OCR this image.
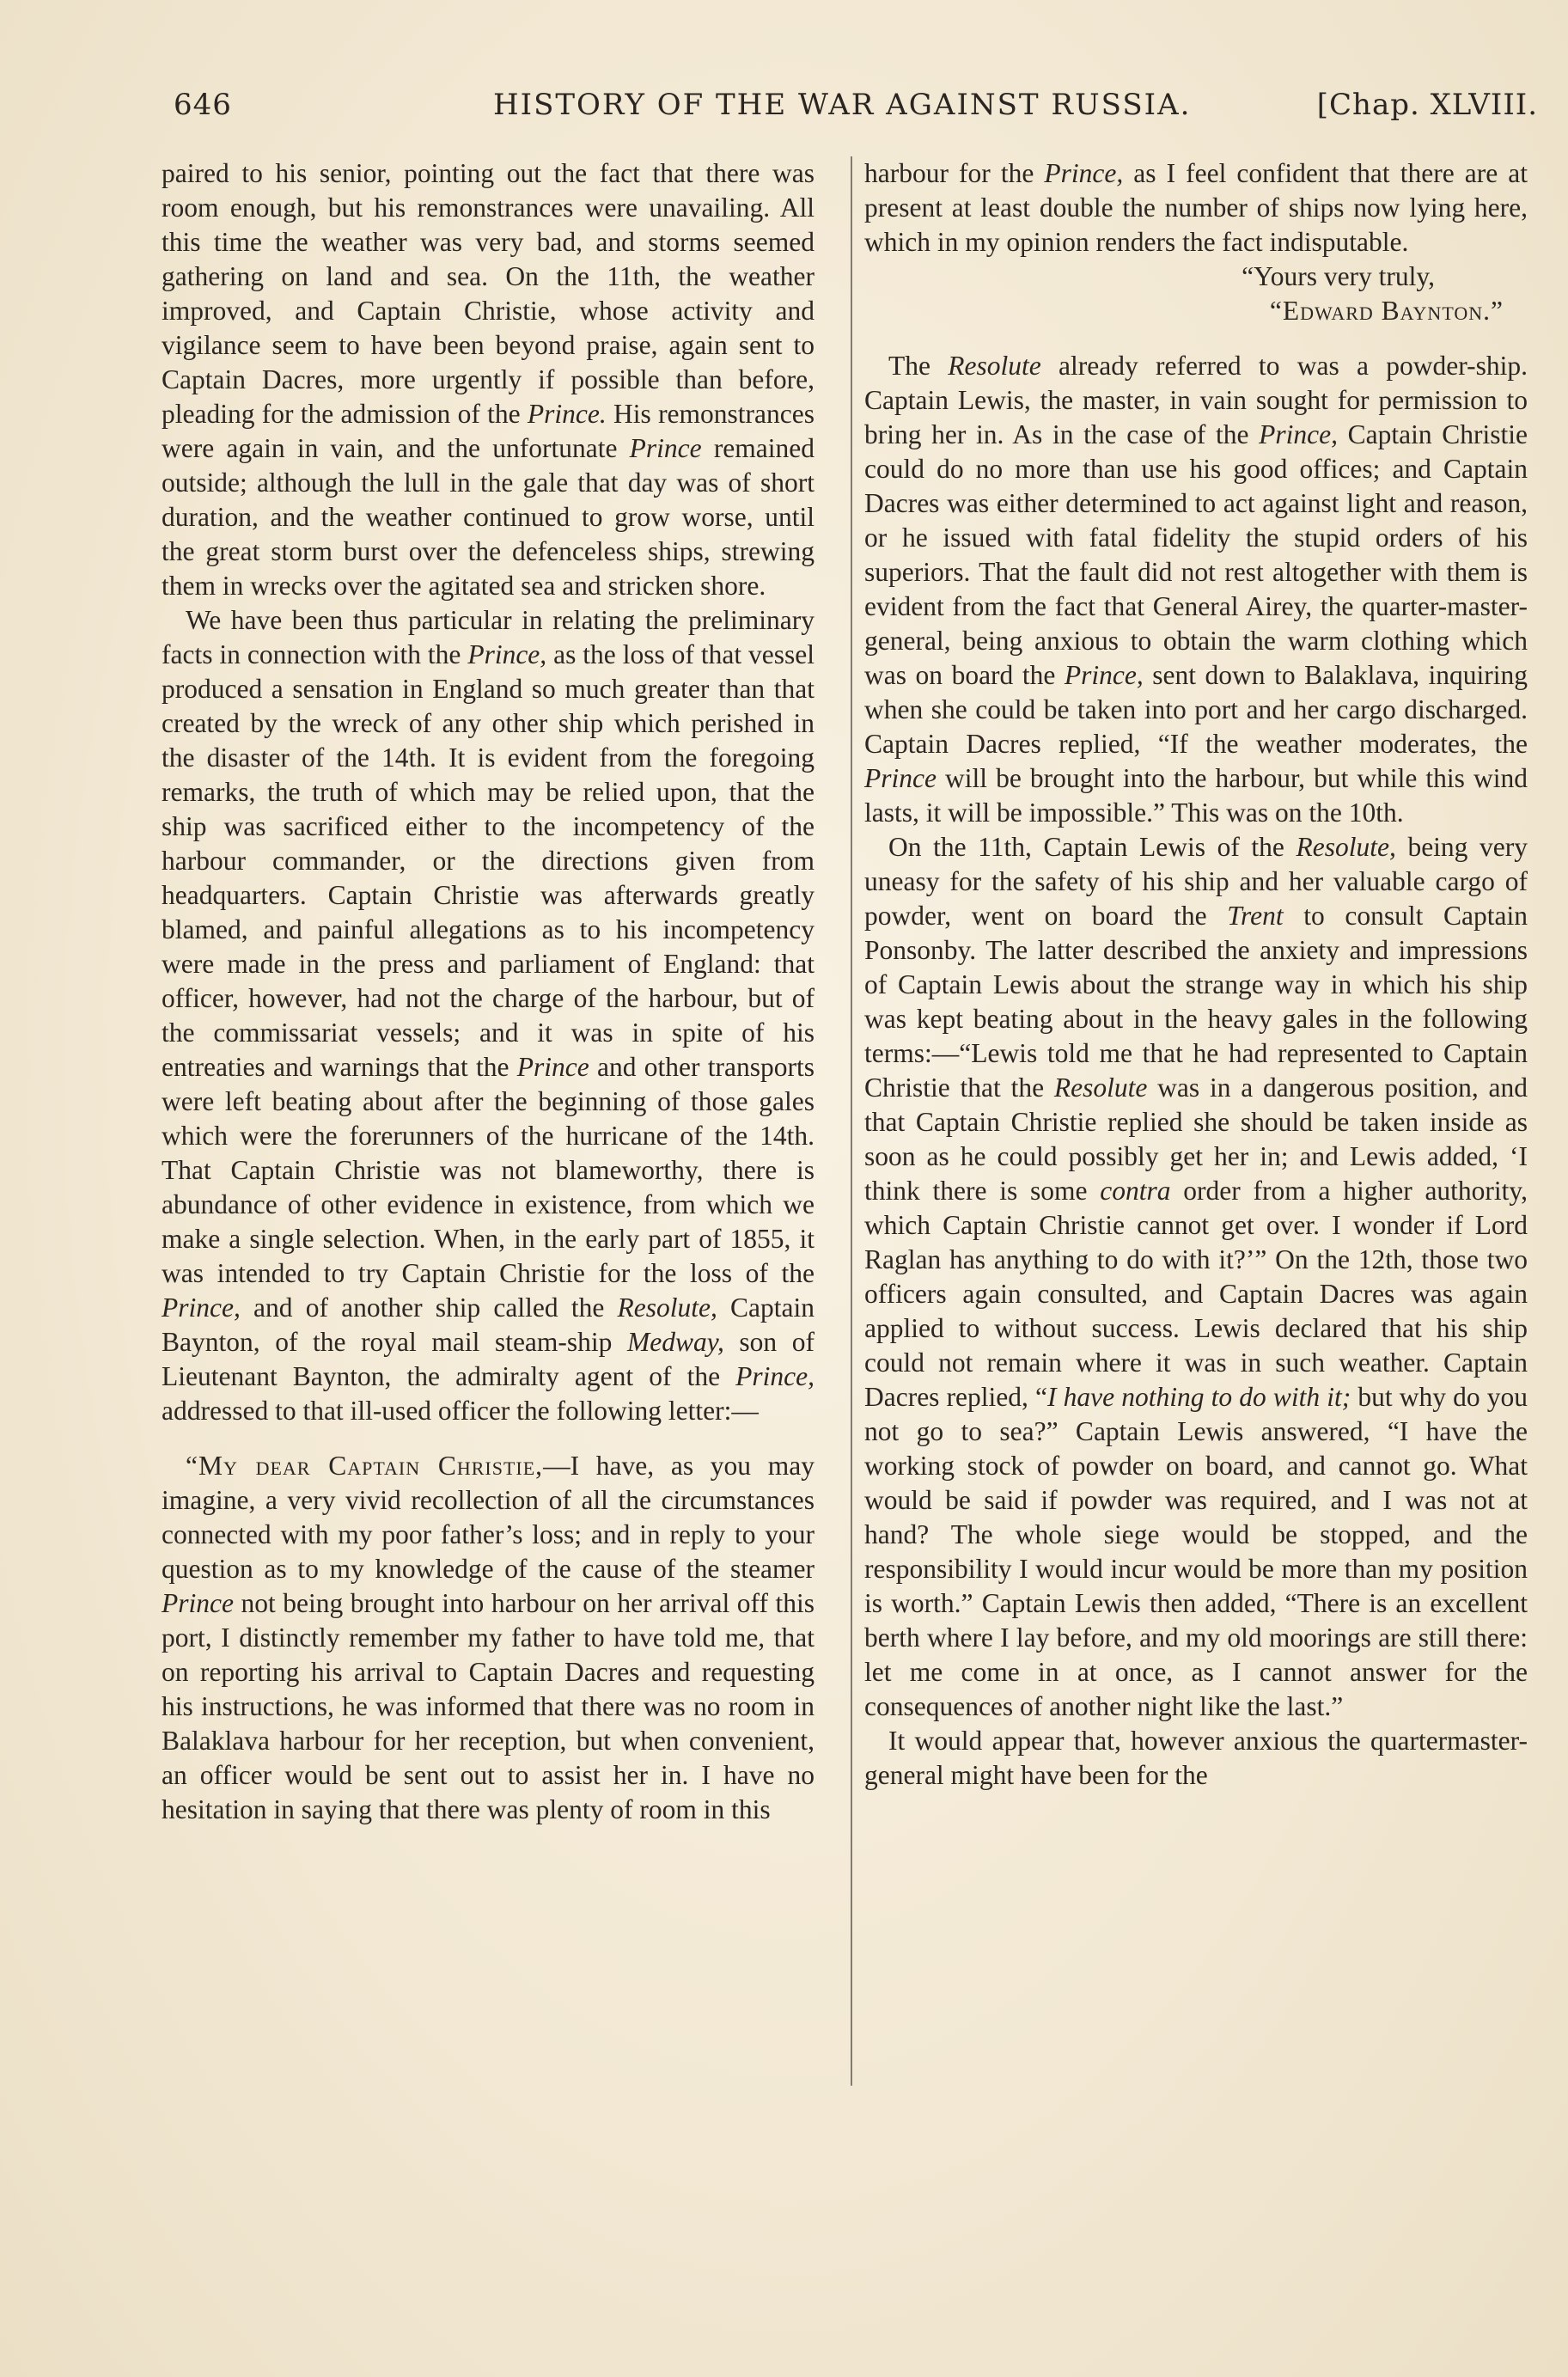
646	HISTORY OF THE WAR AGAINST RUSSIA.	[Chap. XLVIII.

paired to his senior, pointing out the fact that there was room enough, but his remonstrances were unavailing. All this time the weather was very bad, and storms seemed gathering on land and sea. On the 11th, the weather improved, and Captain Christie, whose activity and vigilance seem to have been beyond praise, again sent to Captain Dacres, more urgently if possible than before, pleading for the admission of the Prince. His remonstrances were again in vain, and the unfortunate Prince remained outside; although the lull in the gale that day was of short duration, and the weather continued to grow worse, until the great storm burst over the defenceless ships, strewing them in wrecks over the agitated sea and stricken shore.

We have been thus particular in relating the preliminary facts in connection with the Prince, as the loss of that vessel produced a sensation in England so much greater than that created by the wreck of any other ship which perished in the disaster of the 14th. It is evident from the foregoing remarks, the truth of which may be relied upon, that the ship was sacrificed either to the incompetency of the harbour commander, or the directions given from headquarters. Captain Christie was afterwards greatly blamed, and painful allegations as to his incompetency were made in the press and parliament of England: that officer, however, had not the charge of the harbour, but of the commissariat vessels; and it was in spite of his entreaties and warnings that the Prince and other transports were left beating about after the beginning of those gales which were the forerunners of the hurricane of the 14th. That Captain Christie was not blameworthy, there is abundance of other evidence in existence, from which we make a single selection. When, in the early part of 1855, it was intended to try Captain Christie for the loss of the Prince, and of another ship called the Resolute, Captain Baynton, of the royal mail steam-ship Medway, son of Lieutenant Baynton, the admiralty agent of the Prince, addressed to that ill-used officer the following letter:—

“My dear Captain Christie,—I have, as you may imagine, a very vivid recollection of all the circumstances connected with my poor father’s loss; and in reply to your question as to my knowledge of the cause of the steamer Prince not being brought into harbour on her arrival off this port, I distinctly remember my father to have told me, that on reporting his arrival to Captain Dacres and requesting his instructions, he was informed that there was no room in Balaklava harbour for her reception, but when convenient, an officer would be sent out to assist her in. I have no hesitation in saying that there was plenty of room in this

harbour for the Prince, as I feel confident that there are at present at least double the number of ships now lying here, which in my opinion renders the fact indisputable.

“Yours very truly,

“Edward Baynton.”

The Resolute already referred to was a powder-ship. Captain Lewis, the master, in vain sought for permission to bring her in. As in the case of the Prince, Captain Christie could do no more than use his good offices; and Captain Dacres was either determined to act against light and reason, or he issued with fatal fidelity the stupid orders of his superiors. That the fault did not rest altogether with them is evident from the fact that General Airey, the quarter-master-general, being anxious to obtain the warm clothing which was on board the Prince, sent down to Balaklava, inquiring when she could be taken into port and her cargo discharged. Captain Dacres replied, “If the weather moderates, the Prince will be brought into the harbour, but while this wind lasts, it will be impossible.” This was on the 10th.

On the 11th, Captain Lewis of the Resolute, being very uneasy for the safety of his ship and her valuable cargo of powder, went on board the Trent to consult Captain Ponsonby. The latter described the anxiety and impressions of Captain Lewis about the strange way in which his ship was kept beating about in the heavy gales in the following terms:—“Lewis told me that he had represented to Captain Christie that the Resolute was in a dangerous position, and that Captain Christie replied she should be taken inside as soon as he could possibly get her in; and Lewis added, ‘I think there is some contra order from a higher authority, which Captain Christie cannot get over. I wonder if Lord Raglan has anything to do with it?’” On the 12th, those two officers again consulted, and Captain Dacres was again applied to without success. Lewis declared that his ship could not remain where it was in such weather. Captain Dacres replied, “I have nothing to do with it; but why do you not go to sea?” Captain Lewis answered, “I have the working stock of powder on board, and cannot go. What would be said if powder was required, and I was not at hand? The whole siege would be stopped, and the responsibility I would incur would be more than my position is worth.” Captain Lewis then added, “There is an excellent berth where I lay before, and my old moorings are still there: let me come in at once, as I cannot answer for the consequences of another night like the last.”

It would appear that, however anxious the quartermaster-general might have been for the
